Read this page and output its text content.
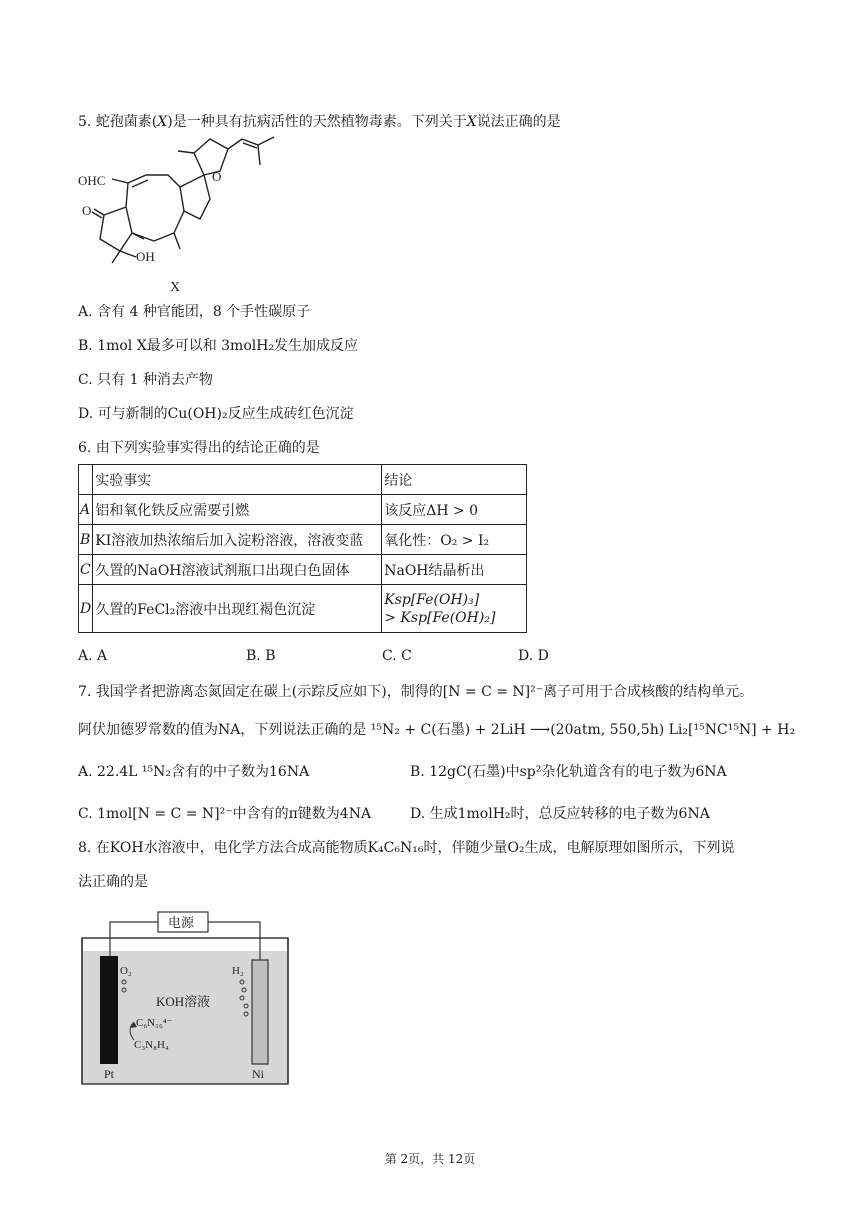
5. 蛇孢菌素(X)是一种具有抗病活性的天然植物毒素。下列关于X说法正确的是
OHC	O
O
OH
X
A. 含有 4 种官能团，8 个手性碳原子
B. 1mol X最多可以和 3molH₂发生加成反应
C. 只有 1 种消去产物
D. 可与新制的Cu(OH)₂反应生成砖红色沉淀
6. 由下列实验事实得出的结论正确的是
	实验事实	结论
A	铝和氧化铁反应需要引燃	该反应ΔH > 0
B	KI溶液加热浓缩后加入淀粉溶液，溶液变蓝	氧化性：O₂ > I₂
C	久置的NaOH溶液试剂瓶口出现白色固体	NaOH结晶析出
D	久置的FeCl₂溶液中出现红褐色沉淀	Ksp[Fe(OH)₃]
> Ksp[Fe(OH)₂]
A. A	B. B	C. C	D. D
7. 我国学者把游离态氮固定在碳上(示踪反应如下)，制得的[N = C = N]²⁻离子可用于合成核酸的结构单元。
阿伏加德罗常数的值为NA，下列说法正确的是 ¹⁵N₂ + C(石墨) + 2LiH ⟶(20atm, 550,5h) Li₂[¹⁵NC¹⁵N] + H₂
A. 22.4L ¹⁵N₂含有的中子数为16NA	B. 12gC(石墨)中sp²杂化轨道含有的电子数为6NA
C. 1mol[N = C = N]²⁻中含有的π键数为4NA	D. 生成1molH₂时，总反应转移的电子数为6NA
8. 在KOH水溶液中，电化学方法合成高能物质K₄C₆N₁₆时，伴随少量O₂生成，电解原理如图所示，下列说
法正确的是
电源
O₂	H₂
KOH溶液
C₆N₁₆⁴⁻
C₃N₈H₄
Pt	Ni
第 2页，共 12页
